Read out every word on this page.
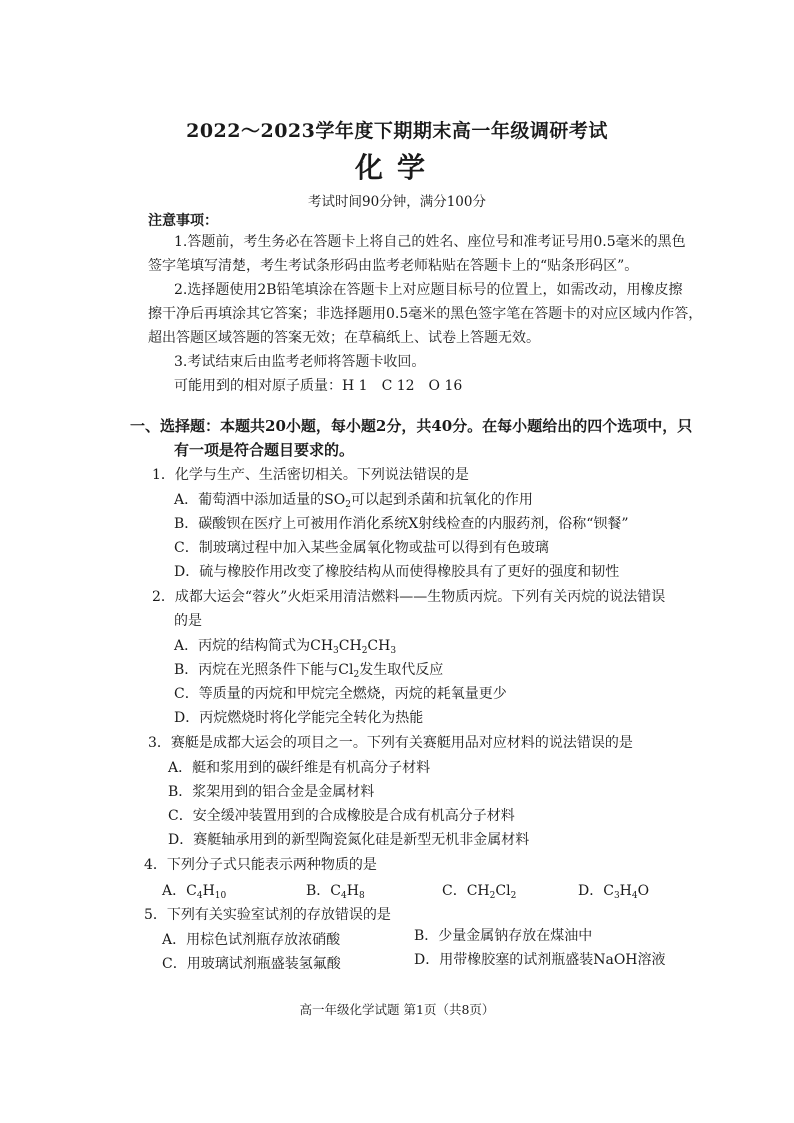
2022～2023学年度下期期末高一年级调研考试
化学
考试时间90分钟，满分100分
注意事项：
1.答题前，考生务必在答题卡上将自己的姓名、座位号和准考证号用0.5毫米的黑色
签字笔填写清楚，考生考试条形码由监考老师粘贴在答题卡上的“贴条形码区”。
2.选择题使用2B铅笔填涂在答题卡上对应题目标号的位置上，如需改动，用橡皮擦
擦干净后再填涂其它答案；非选择题用0.5毫米的黑色签字笔在答题卡的对应区域内作答，
超出答题区域答题的答案无效；在草稿纸上、试卷上答题无效。
3.考试结束后由监考老师将答题卡收回。
可能用到的相对原子质量：H 1　C 12　O 16
一、选择题：本题共20小题，每小题2分，共40分。在每小题给出的四个选项中，只
有一项是符合题目要求的。
1．化学与生产、生活密切相关。下列说法错误的是
A．葡萄酒中添加适量的$SO_2$可以起到杀菌和抗氧化的作用
B．碳酸钡在医疗上可被用作消化系统X射线检查的内服药剂，俗称“钡餐”
C．制玻璃过程中加入某些金属氧化物或盐可以得到有色玻璃
D．硫与橡胶作用改变了橡胶结构从而使得橡胶具有了更好的强度和韧性
2．成都大运会“蓉火”火炬采用清洁燃料——生物质丙烷。下列有关丙烷的说法错误
的是
A．丙烷的结构简式为$CH_3CH_2CH_3$
B．丙烷在光照条件下能与$Cl_2$发生取代反应
C．等质量的丙烷和甲烷完全燃烧，丙烷的耗氧量更少
D．丙烷燃烧时将化学能完全转化为热能
3．赛艇是成都大运会的项目之一。下列有关赛艇用品对应材料的说法错误的是
A．艇和浆用到的碳纤维是有机高分子材料
B．浆架用到的铝合金是金属材料
C．安全缓冲装置用到的合成橡胶是合成有机高分子材料
D．赛艇轴承用到的新型陶瓷氮化硅是新型无机非金属材料
4．下列分子式只能表示两种物质的是
A．$C_4H_{10}$	B．$C_4H_8$	C．$CH_2Cl_2$	D．$C_3H_4O$
5．下列有关实验室试剂的存放错误的是
A．用棕色试剂瓶存放浓硝酸	B．少量金属钠存放在煤油中
C．用玻璃试剂瓶盛装氢氟酸	D．用带橡胶塞的试剂瓶盛装NaOH溶液
高一年级化学试题 第1页（共8页）
